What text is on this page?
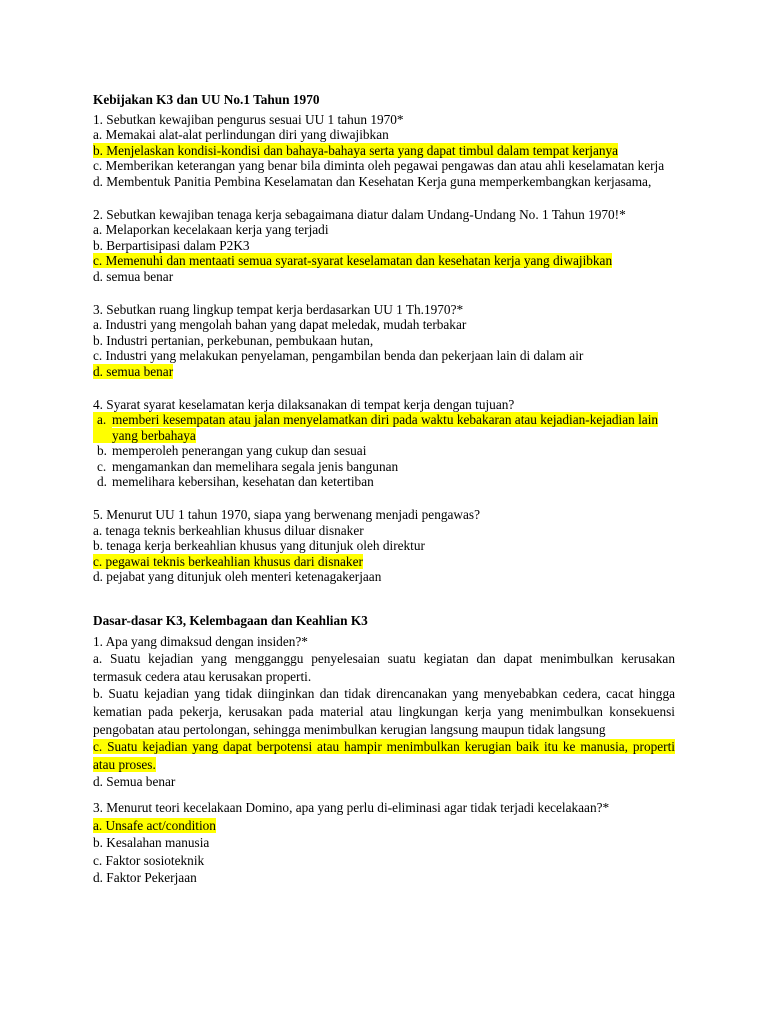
Kebijakan K3 dan UU No.1 Tahun 1970

1. Sebutkan kewajiban pengurus sesuai UU 1 tahun 1970*

a. Memakai alat-alat perlindungan diri yang diwajibkan

b. Menjelaskan kondisi-kondisi dan bahaya-bahaya serta yang dapat timbul dalam tempat kerjanya

c. Memberikan keterangan yang benar bila diminta oleh pegawai pengawas dan atau ahli keselamatan kerja

d. Membentuk Panitia Pembina Keselamatan dan Kesehatan Kerja guna memperkembangkan kerjasama,

2. Sebutkan kewajiban tenaga kerja sebagaimana diatur dalam Undang-Undang No. 1 Tahun 1970!*

a. Melaporkan kecelakaan kerja yang terjadi

b. Berpartisipasi dalam P2K3

c. Memenuhi dan mentaati semua syarat-syarat keselamatan dan kesehatan kerja yang diwajibkan

d. semua benar

3. Sebutkan ruang lingkup tempat kerja berdasarkan UU 1 Th.1970?*

a. Industri yang mengolah bahan yang dapat meledak, mudah terbakar

b. Industri pertanian, perkebunan, pembukaan hutan,

c. Industri yang melakukan penyelaman, pengambilan benda dan pekerjaan lain di dalam air

d. semua benar

4. Syarat syarat keselamatan kerja dilaksanakan di tempat kerja dengan tujuan?

a. memberi kesempatan atau jalan menyelamatkan diri pada waktu kebakaran atau kejadian-kejadian lain yang berbahaya
b. memperoleh penerangan yang cukup dan sesuai
c. mengamankan dan memelihara segala jenis bangunan
d. memelihara kebersihan, kesehatan dan ketertiban

5. Menurut UU 1 tahun 1970, siapa yang berwenang menjadi pengawas?

a. tenaga teknis berkeahlian khusus diluar disnaker

b. tenaga kerja berkeahlian khusus yang ditunjuk oleh direktur

c. pegawai teknis berkeahlian khusus dari disnaker

d. pejabat yang ditunjuk oleh menteri ketenagakerjaan

Dasar-dasar K3, Kelembagaan dan Keahlian K3

1. Apa yang dimaksud dengan insiden?*

a. Suatu kejadian yang mengganggu penyelesaian suatu kegiatan dan dapat menimbulkan kerusakan termasuk cedera atau kerusakan properti.

b. Suatu kejadian yang tidak diinginkan dan tidak direncanakan yang menyebabkan cedera, cacat hingga kematian pada pekerja, kerusakan pada material atau lingkungan kerja yang menimbulkan konsekuensi pengobatan atau pertolongan, sehingga menimbulkan kerugian langsung maupun tidak langsung

c. Suatu kejadian yang dapat berpotensi atau hampir menimbulkan kerugian baik itu ke manusia, properti atau proses.

d. Semua benar

3. Menurut teori kecelakaan Domino, apa yang perlu di-eliminasi agar tidak terjadi kecelakaan?*

a. Unsafe act/condition

b. Kesalahan manusia

c. Faktor sosioteknik

d. Faktor Pekerjaan
